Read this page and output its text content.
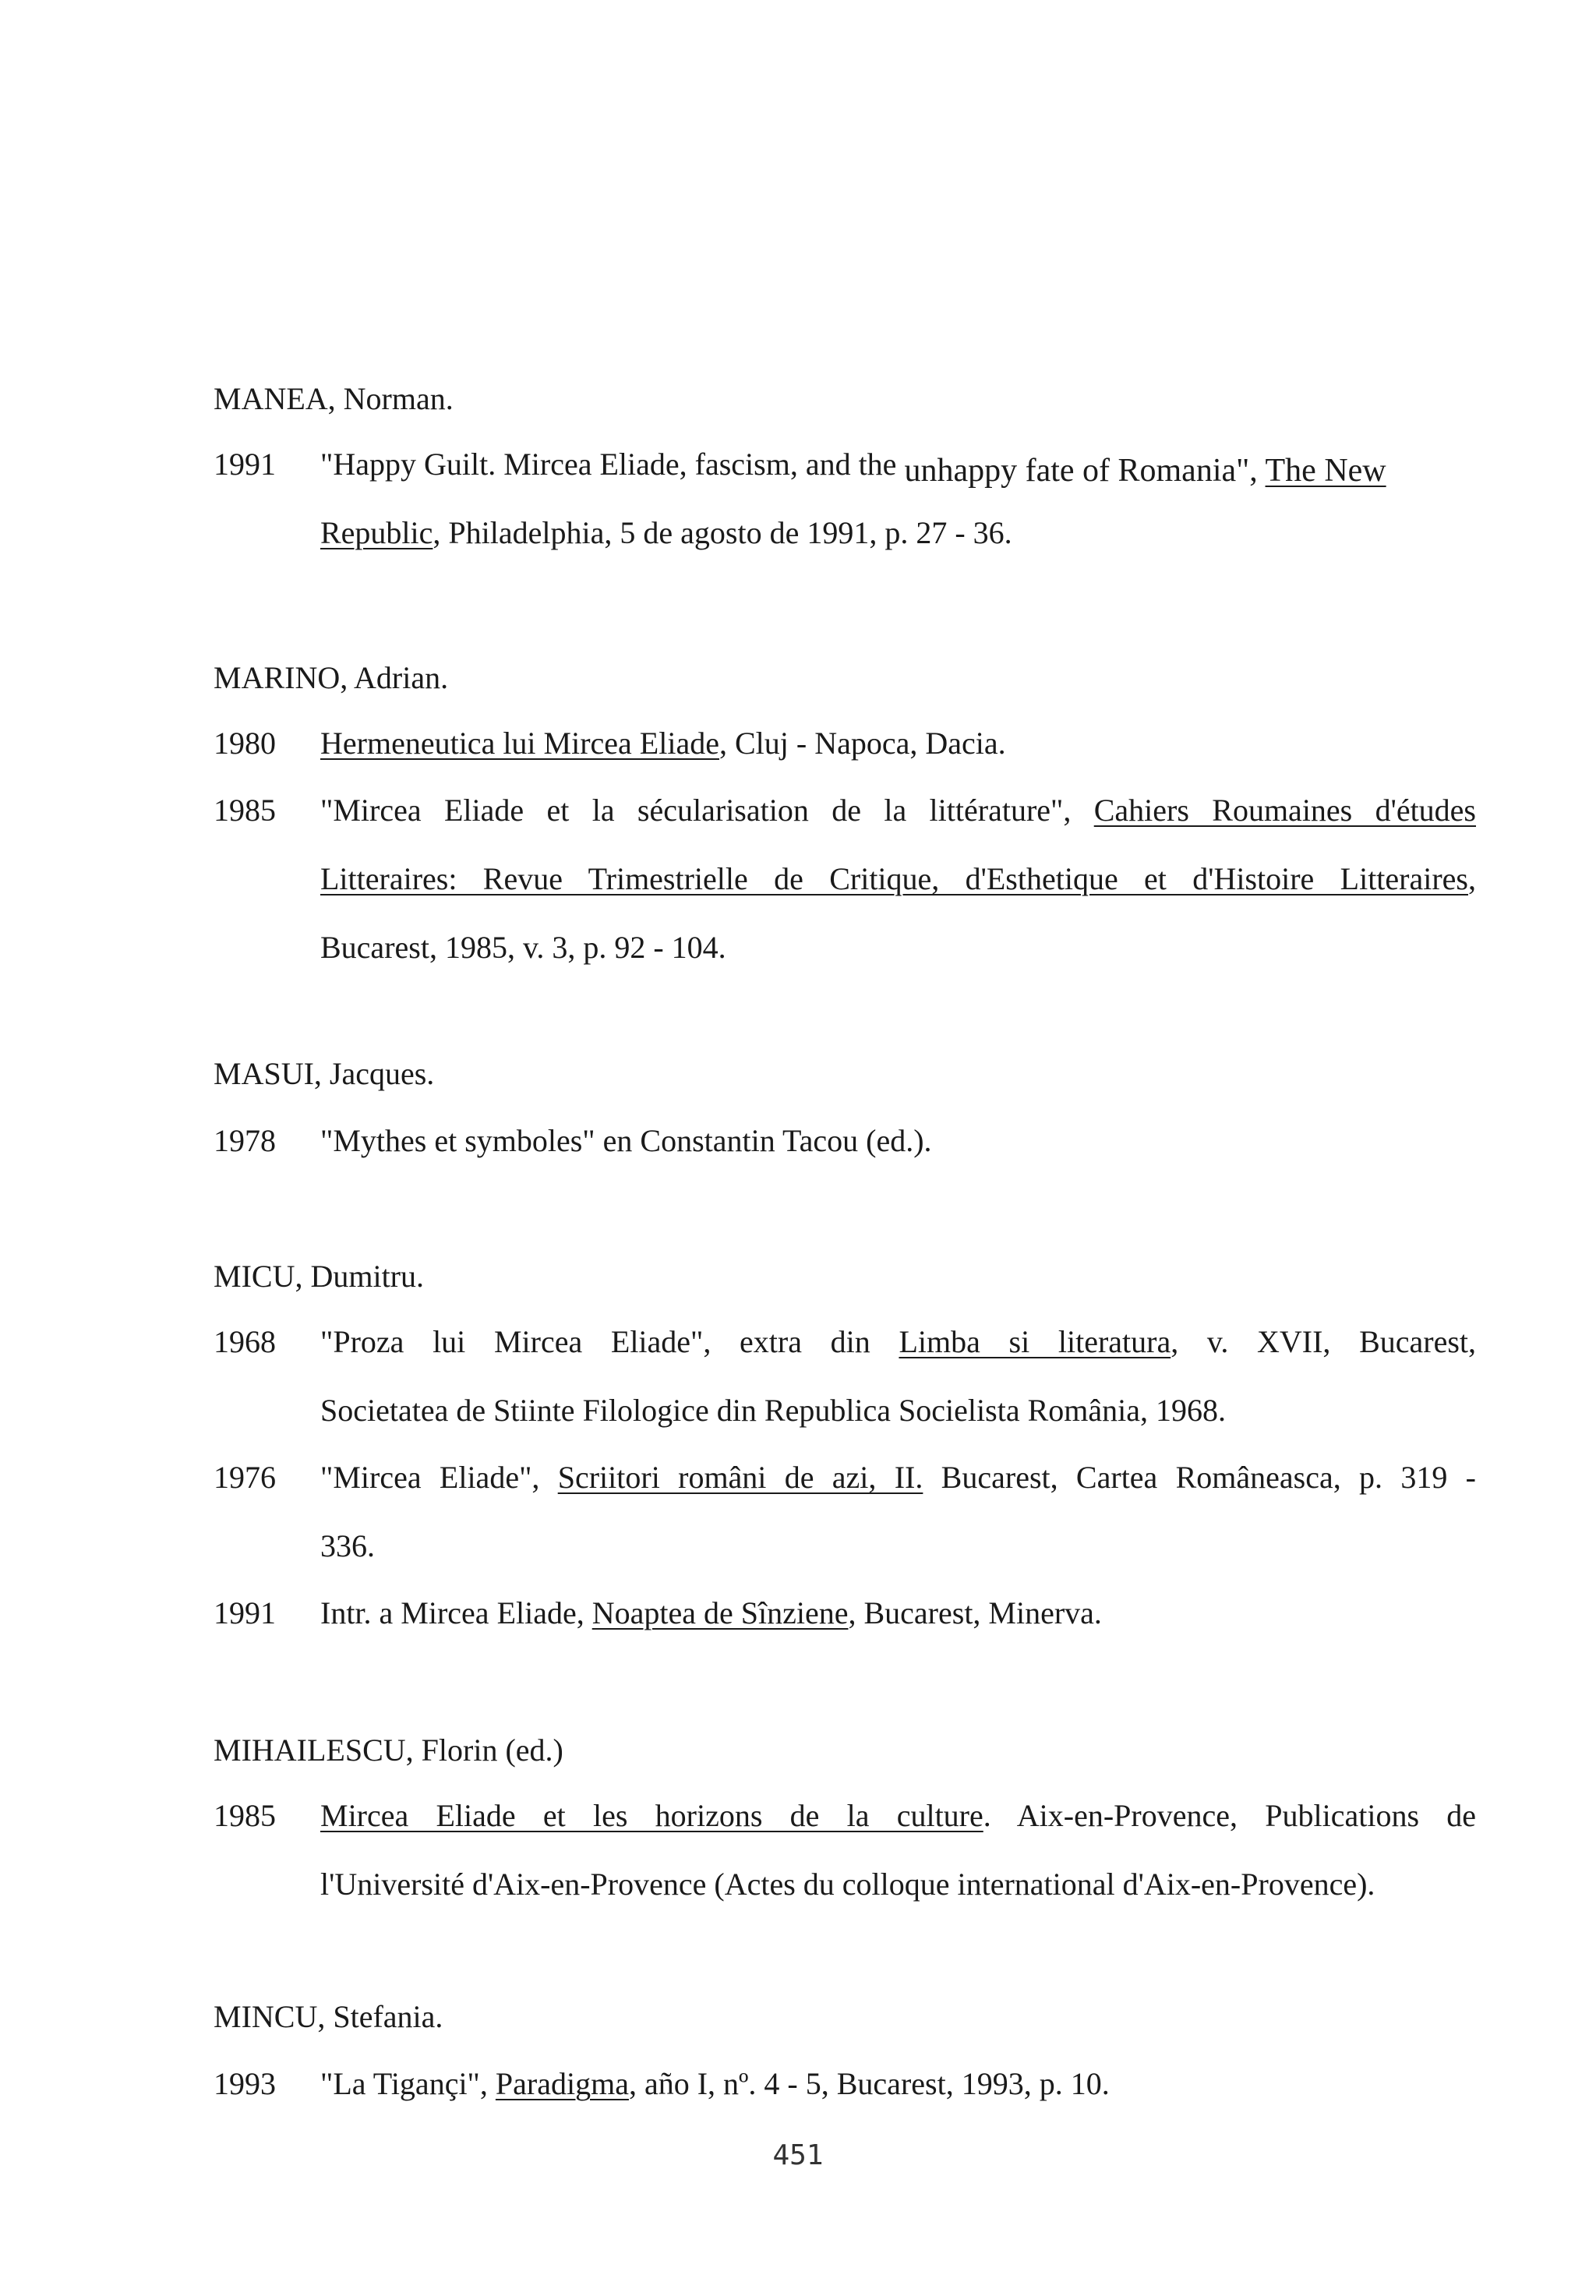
MANEA, Norman.
1991	"Happy Guilt. Mircea Eliade, fascism, and the unhappy fate of Romania", The New
Republic, Philadelphia, 5 de agosto de 1991, p. 27 - 36.
MARINO, Adrian.
1980	Hermeneutica lui Mircea Eliade, Cluj - Napoca, Dacia.
1985	"Mircea Eliade et la sécularisation de la littérature", Cahiers Roumaines d'études
Litteraires: Revue Trimestrielle de Critique, d'Esthetique et d'Histoire Litteraires,
Bucarest, 1985, v. 3, p. 92 - 104.
MASUI, Jacques.
1978	"Mythes et symboles" en Constantin Tacou (ed.).
MICU, Dumitru.
1968	"Proza lui Mircea Eliade", extra din Limba si literatura, v. XVII, Bucarest,
Societatea de Stiinte Filologice din Republica Socielista România, 1968.
1976	"Mircea Eliade", Scriitori români de azi, II. Bucarest, Cartea Româneasca, p. 319 -
336.
1991	Intr. a Mircea Eliade, Noaptea de Sînziene, Bucarest, Minerva.
MIHAILESCU, Florin (ed.)
1985	Mircea Eliade et les horizons de la culture. Aix-en-Provence, Publications de
l'Université d'Aix-en-Provence (Actes du colloque international d'Aix-en-Provence).
MINCU, Stefania.
1993	"La Tigançi", Paradigma, año I, nº. 4 - 5, Bucarest, 1993, p. 10.
451
